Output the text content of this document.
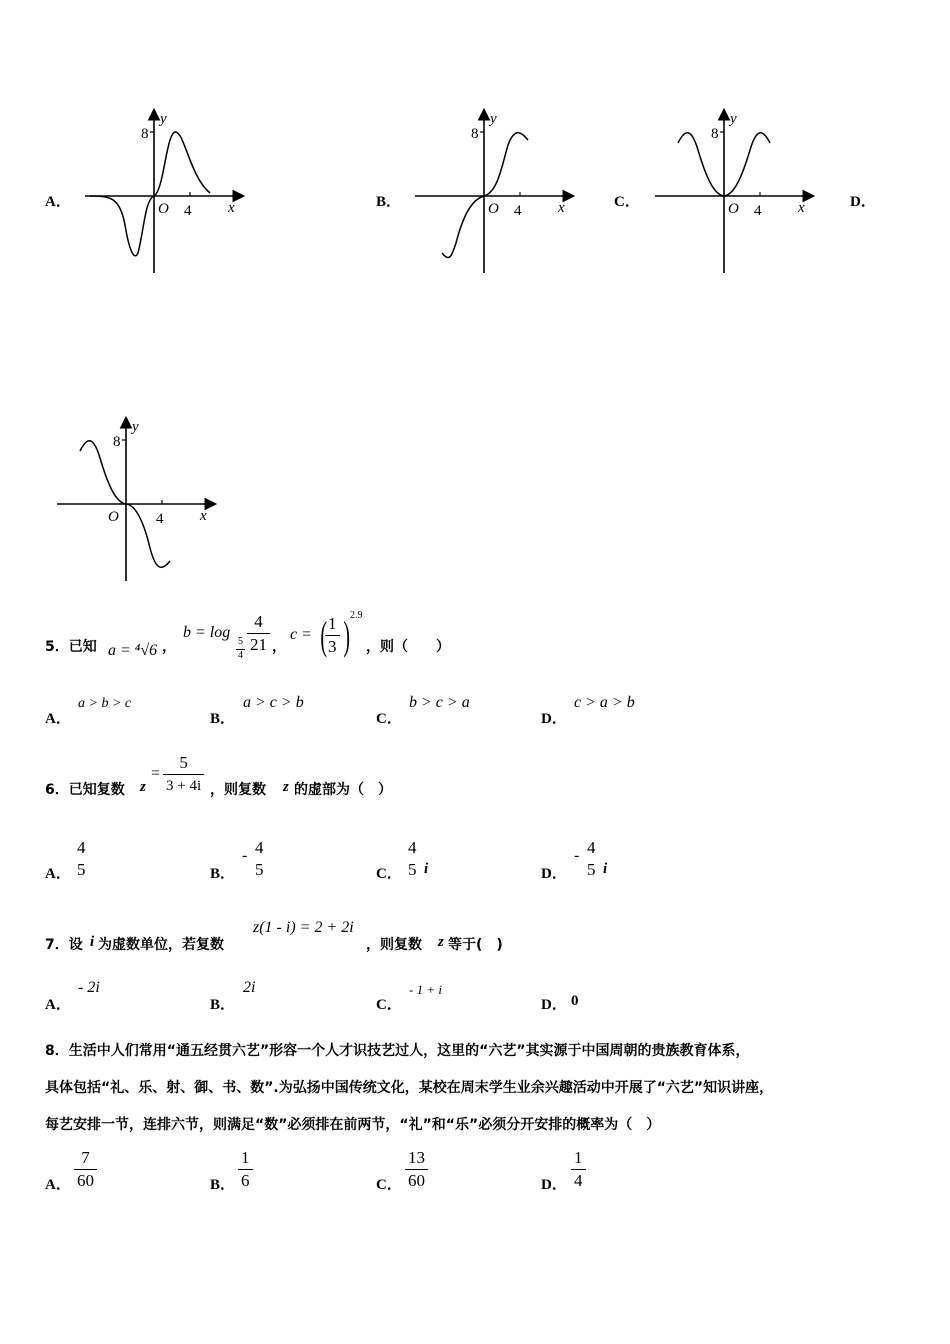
A．
y
8
O 4 x	B．
y
8
O 4 x	C．
y
8
O 4 x	D．
y
8
O 4 x
5．已知 a = ⁴√6 ，
b = log
5
4
$\frac{4}{21}$ ，
c = (
$\frac{1}{3}$ ) 2.9
，则（　　）
A．
a > b > c
B．
a > c > b
C．
b > c > a
D．
c > a > b
6．已知复数 z
= $\frac{5}{3 + 4i}$ ，则复数 z 的虚部为（　）
A．
4
5	B．
- 4
5	C．
4
5 i	D．
- 4
5 i
7．设 i 为虚数单位，若复数
z(1 - i) = 2 + 2i
，则复数 z 等于(　)
A．
- 2i
B．
2i
C．
- 1 + i
D． 0
8．生活中人们常用“通五经贯六艺”形容一个人才识技艺过人，这里的“六艺”其实源于中国周朝的贵族教育体系，
具体包括“礼、乐、射、御、书、数”.为弘扬中国传统文化，某校在周末学生业余兴趣活动中开展了“六艺”知识讲座，
每艺安排一节，连排六节，则满足“数”必须排在前两节，“礼”和“乐”必须分开安排的概率为（　）
A． $\frac{7}{60}$	B． $\frac{1}{6}$	C． $\frac{13}{60}$	D． $\frac{1}{4}$
